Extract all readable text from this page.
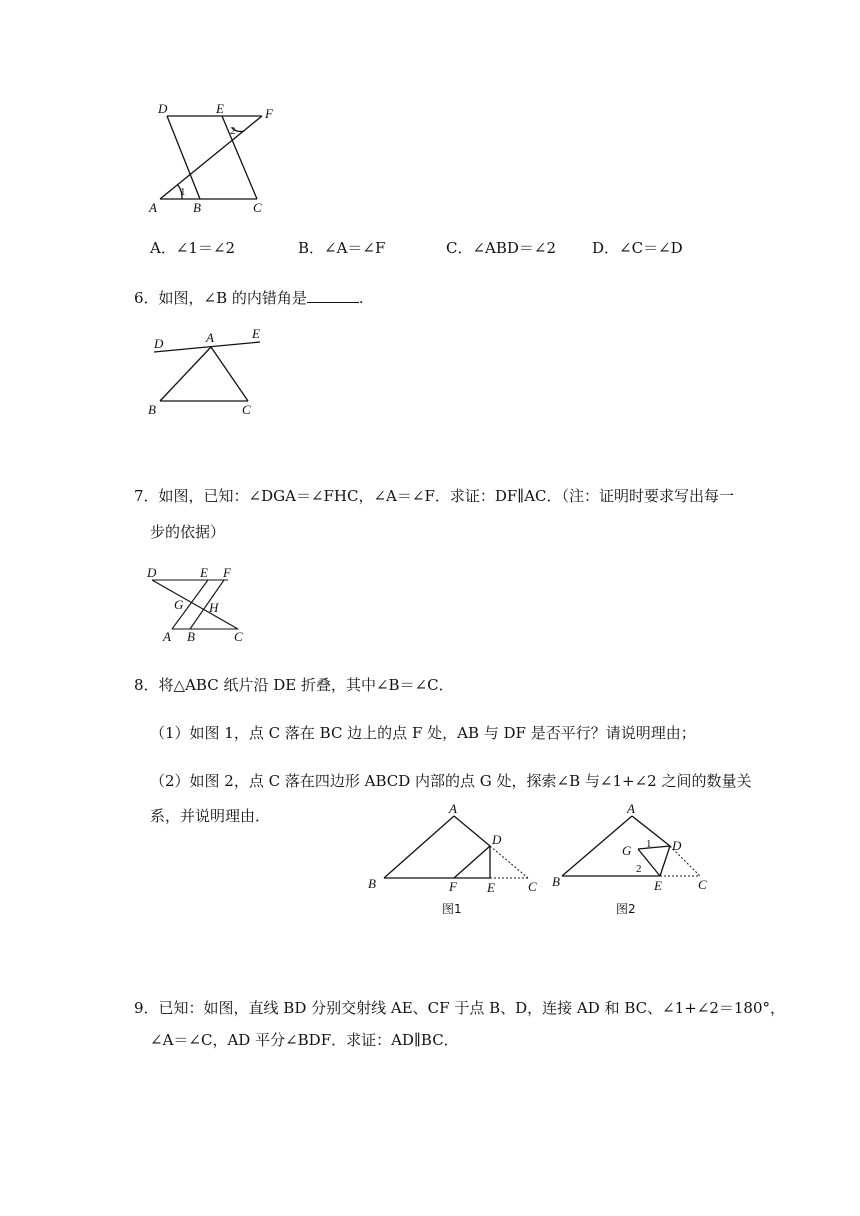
D	E	F
A	B	C
1
2
A．∠1＝∠2	B．∠A＝∠F	C．∠ABD＝∠2 D．∠C＝∠D
6．如图，∠B 的内错角是	.
D	A	E
B	C
7．如图，已知：∠DGA＝∠FHC，∠A＝∠F．求证：DF∥AC．（注：证明时要求写出每一
步的依据）
D	E F
G H
A B	C
8．将△ABC 纸片沿 DE 折叠，其中∠B＝∠C．
（1）如图 1，点 C 落在 BC 边上的点 F 处，AB 与 DF 是否平行？请说明理由；
（2）如图 2，点 C 落在四边形 ABCD 内部的点 G 处，探索∠B 与∠1+∠2 之间的数量关
系，并说明理由．	A
D
B	F E	C
图1
A
G	D
1
2
B	E	C
图2
9．已知：如图，直线 BD 分别交射线 AE、CF 于点 B、D，连接 AD 和 BC、∠1+∠2＝180°，
∠A＝∠C，AD 平分∠BDF．求证：AD∥BC．
